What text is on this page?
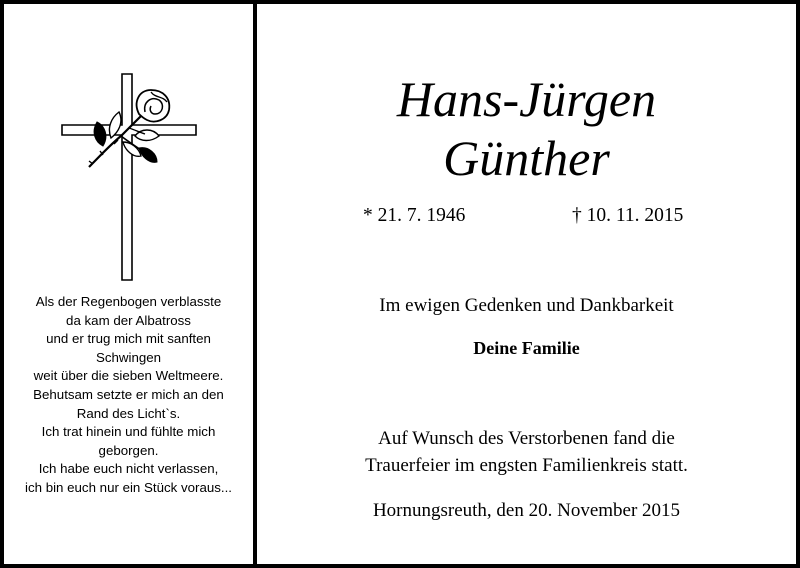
Als der Regenbogen verblasste
da kam der Albatross
und er trug mich mit sanften
Schwingen
weit über die sieben Weltmeere.
Behutsam setzte er mich an den
Rand des Licht`s.
Ich trat hinein und fühlte mich
geborgen.
Ich habe euch nicht verlassen,
ich bin euch nur ein Stück voraus...
Hans-Jürgen
Günther
* 21. 7. 1946	† 10. 11. 2015
Im ewigen Gedenken und Dankbarkeit
Deine Familie
Auf Wunsch des Verstorbenen fand die
Trauerfeier im engsten Familienkreis statt.
Hornungsreuth, den 20. November 2015
